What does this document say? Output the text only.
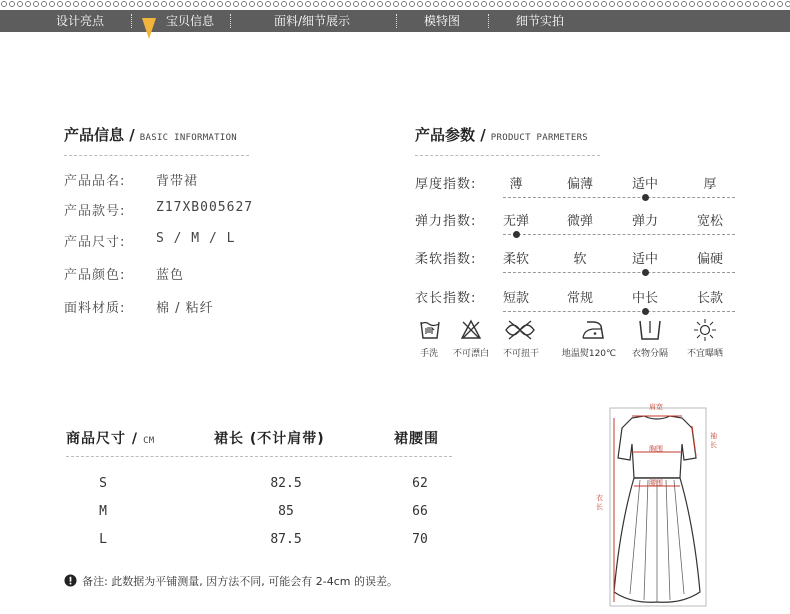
设计亮点	宝贝信息	面料/细节展示	模特图	细节实拍
产品信息 / BASIC INFORMATION
产品品名: 背带裙
产品款号: Z17XB005627
产品尺寸: S / M / L
产品颜色: 蓝色
面料材质: 棉 / 粘纤
产品参数 / PRODUCT PARMETERS
厚度指数:	薄	偏薄	适中	厚
弹力指数:	无弹	微弹	弹力	宽松
柔软指数:	柔软	软	适中	偏硬
衣长指数:	短款	常规	中长	长款
手洗	不可漂白	不可扭干	地温熨120℃	衣物分隔	不宜曝晒
商品尺寸 / CM	裙长 (不计肩带)	裙腰围
S	82.5	62
M	85	66
L	87.5	70
备注: 此数据为平铺测量, 因方法不同, 可能会有 2-4cm 的误差。
肩宽
袖长
胸围
腰围
衣长
